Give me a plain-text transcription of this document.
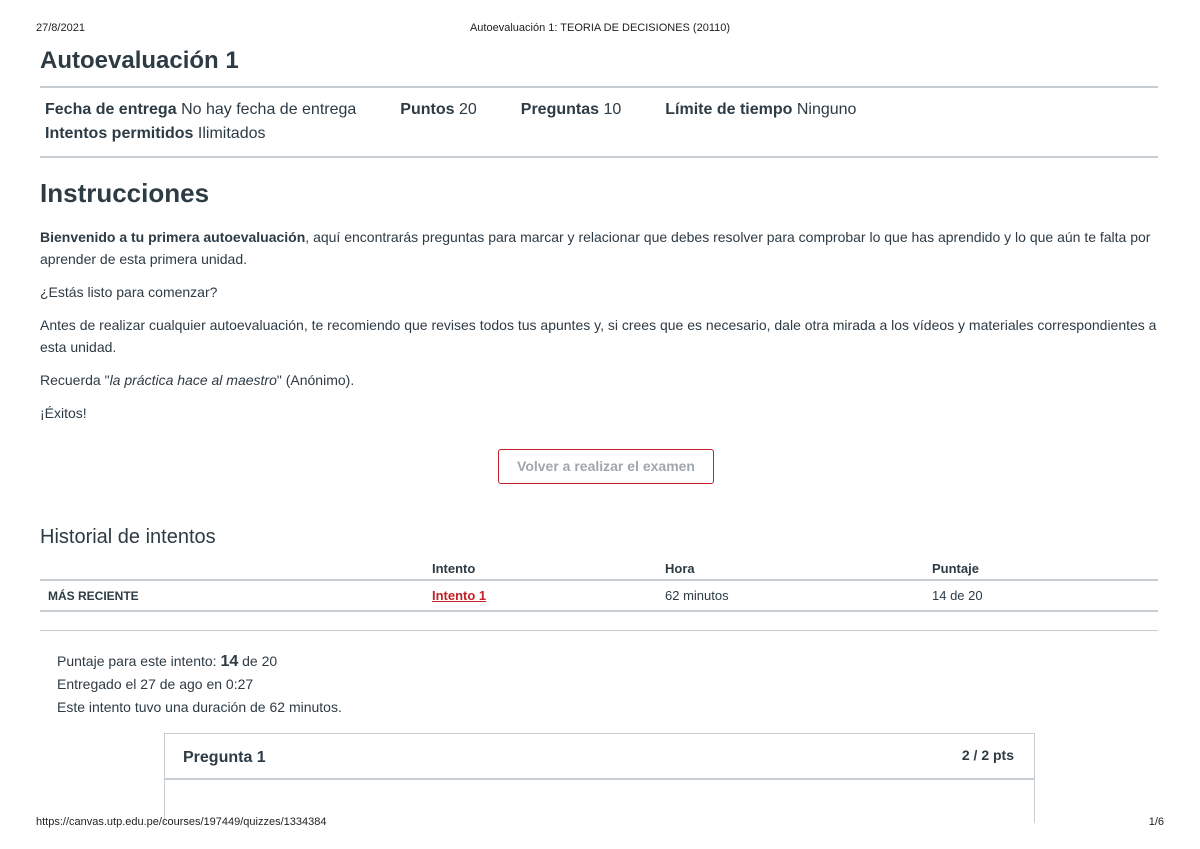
27/8/2021	Autoevaluación 1: TEORIA DE DECISIONES (20110)
Autoevaluación 1
Fecha de entrega No hay fecha de entrega	Puntos 20	Preguntas 10	Límite de tiempo Ninguno
Intentos permitidos Ilimitados
Instrucciones

Bienvenido a tu primera autoevaluación, aquí encontrarás preguntas para marcar y relacionar que debes resolver para comprobar lo que has aprendido y lo que aún te falta por aprender de esta primera unidad.

¿Estás listo para comenzar?

Antes de realizar cualquier autoevaluación, te recomiendo que revises todos tus apuntes y, si crees que es necesario, dale otra mirada a los vídeos y materiales correspondientes a esta unidad.

Recuerda "la práctica hace al maestro" (Anónimo).

¡Éxitos!

Volver a realizar el examen
Historial de intentos
	Intento	Hora	Puntaje
MÁS RECIENTE	Intento 1	62 minutos	14 de 20
Puntaje para este intento: 14 de 20
Entregado el 27 de ago en 0:27
Este intento tuvo una duración de 62 minutos.
Pregunta 1	2 / 2 pts
https://canvas.utp.edu.pe/courses/197449/quizzes/1334384	1/6
